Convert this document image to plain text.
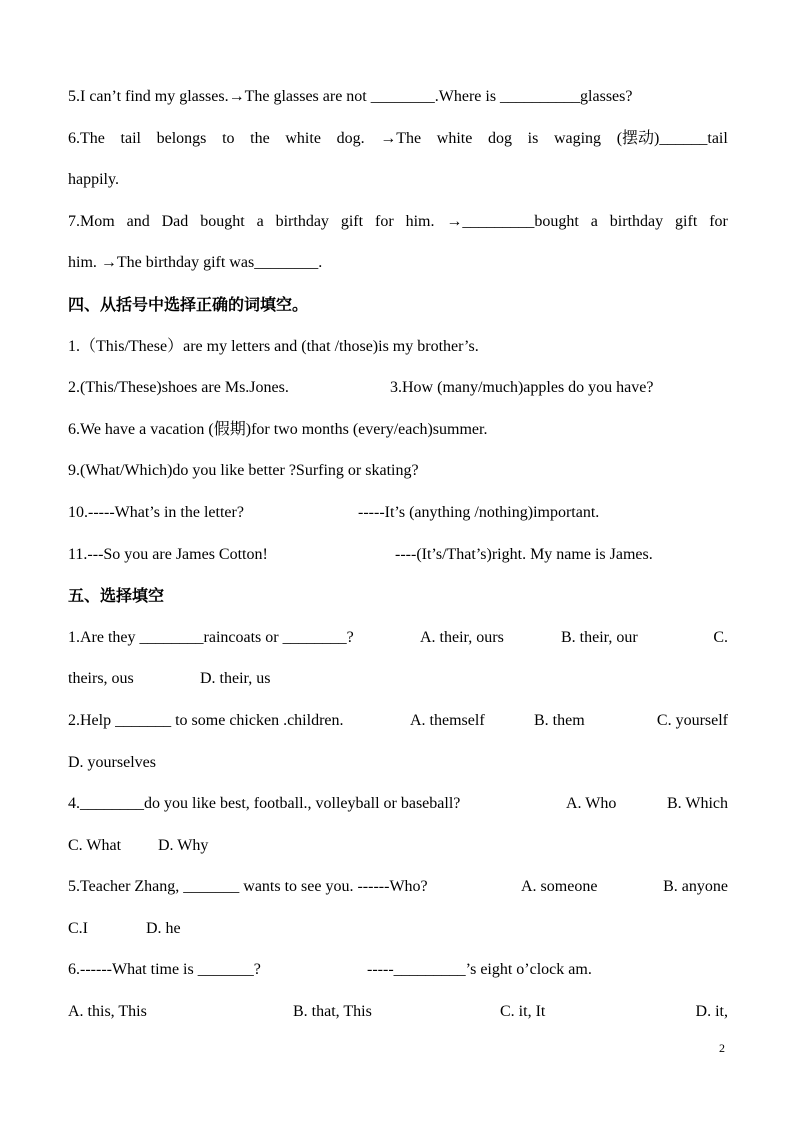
5.I can’t find my glasses.→The glasses are not ________.Where is __________glasses?
6.The tail belongs to the white dog. →The white dog is waging (摆动)______tail
happily.
7.Mom and Dad bought a birthday gift for him. →_________bought a birthday gift for
him. →The birthday gift was________.
四、从括号中选择正确的词填空。
1.（This/These）are my letters and (that /those)is my brother’s.
2.(This/These)shoes are Ms.Jones.	3.How (many/much)apples do you have?
6.We have a vacation (假期)for two months (every/each)summer.
9.(What/Which)do you like better ?Surfing or skating?
10.-----What’s in the letter?	-----It’s (anything /nothing)important.
11.---So you are James Cotton!	----(It’s/That’s)right. My name is James.
五、选择填空
1.Are they ________raincoats or ________?	A. their, ours	B. their, our	C.
theirs, ous	D. their, us
2.Help _______ to some chicken .children.	A. themself	B. them	C. yourself
D. yourselves
4.________do you like best, football., volleyball or baseball?	A. Who	B. Which
C. What D. Why
5.Teacher Zhang, _______ wants to see you. ------Who?	A. someone	B. anyone
C.I	D. he
6.------What time is _______?	-----_________’s eight o’clock am.
A. this, This	B. that, This	C. it, It	D. it,
2
